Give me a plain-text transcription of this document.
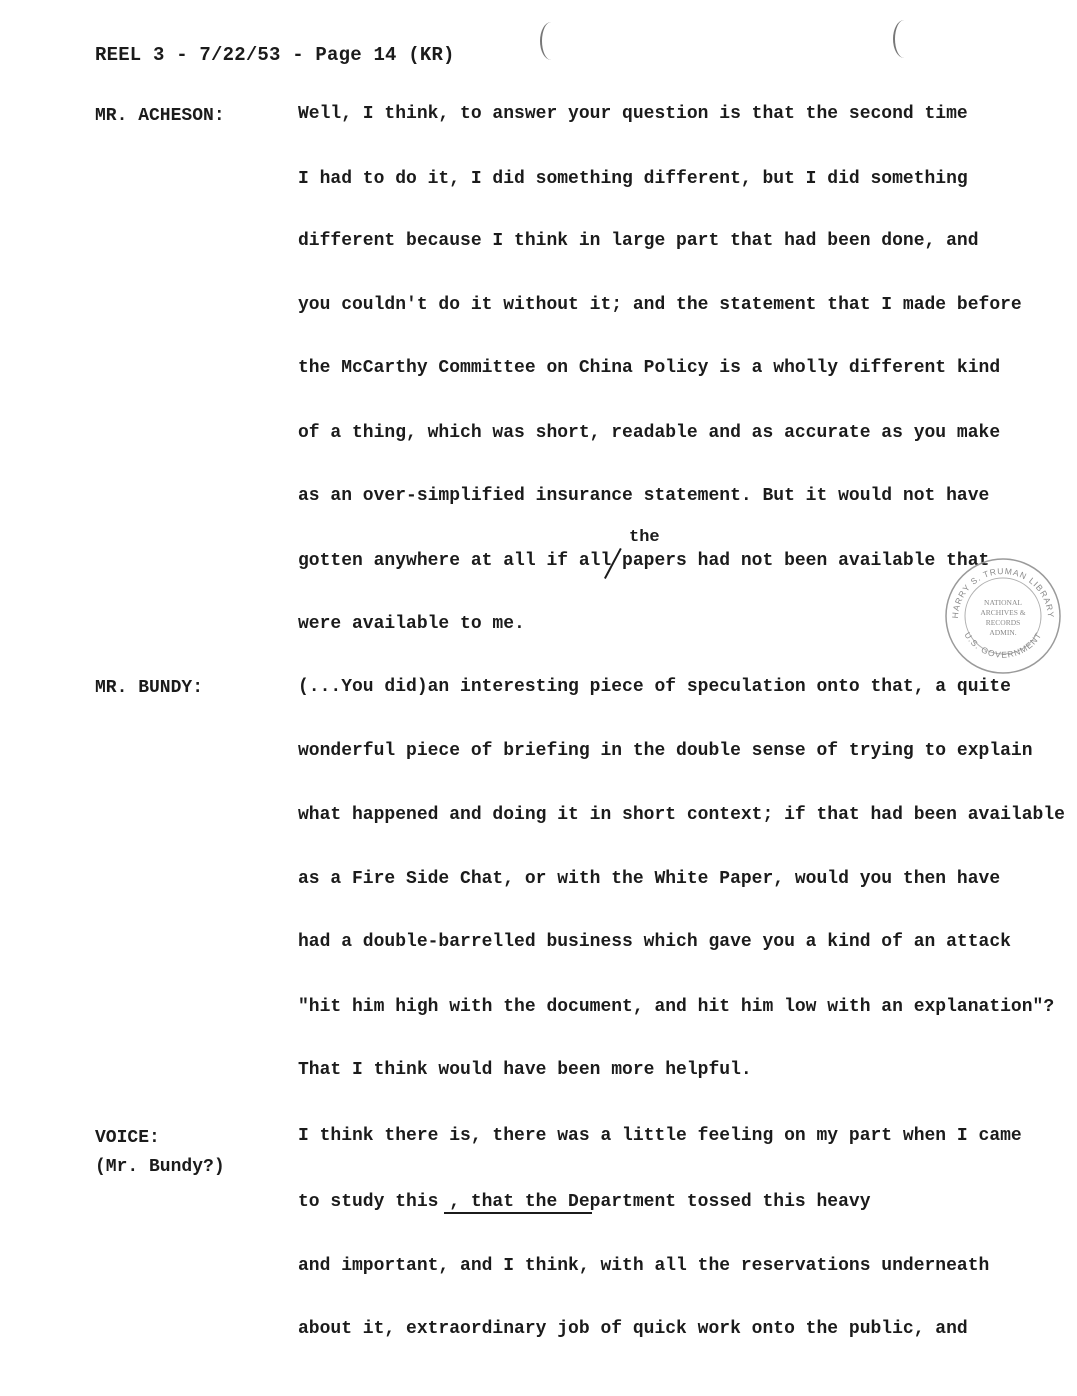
REEL 3 - 7/22/53 - Page 14 (KR)
MR. ACHESON:	Well, I think, to answer your question is that the second time
I had to do it, I did something different, but I did something
different because I think in large part that had been done, and
you couldn't do it without it; and the statement that I made before
the McCarthy Committee on China Policy is a wholly different kind
of a thing, which was short, readable and as accurate as you make
as an over-simplified insurance statement. But it would not have
the
gotten anywhere at all if all papers had not been available that
were available to me.
MR. BUNDY:	(...You did)an interesting piece of speculation onto that, a quite
wonderful piece of briefing in the double sense of trying to explain
what happened and doing it in short context; if that had been available
as a Fire Side Chat, or with the White Paper, would you then have
had a double-barrelled business which gave you a kind of an attack
"hit him high with the document, and hit him low with an explanation"?
That I think would have been more helpful.
VOICE:
(Mr. Bundy?)
I think there is, there was a little feeling on my part when I came
to study this , that the Department tossed this heavy
and important, and I think, with all the reservations underneath
about it, extraordinary job of quick work onto the public, and
HARRY S. TRUMAN LIBRARY
U.S. GOVERNMENT
NATIONAL
ARCHIVES &
RECORDS
ADMIN.
